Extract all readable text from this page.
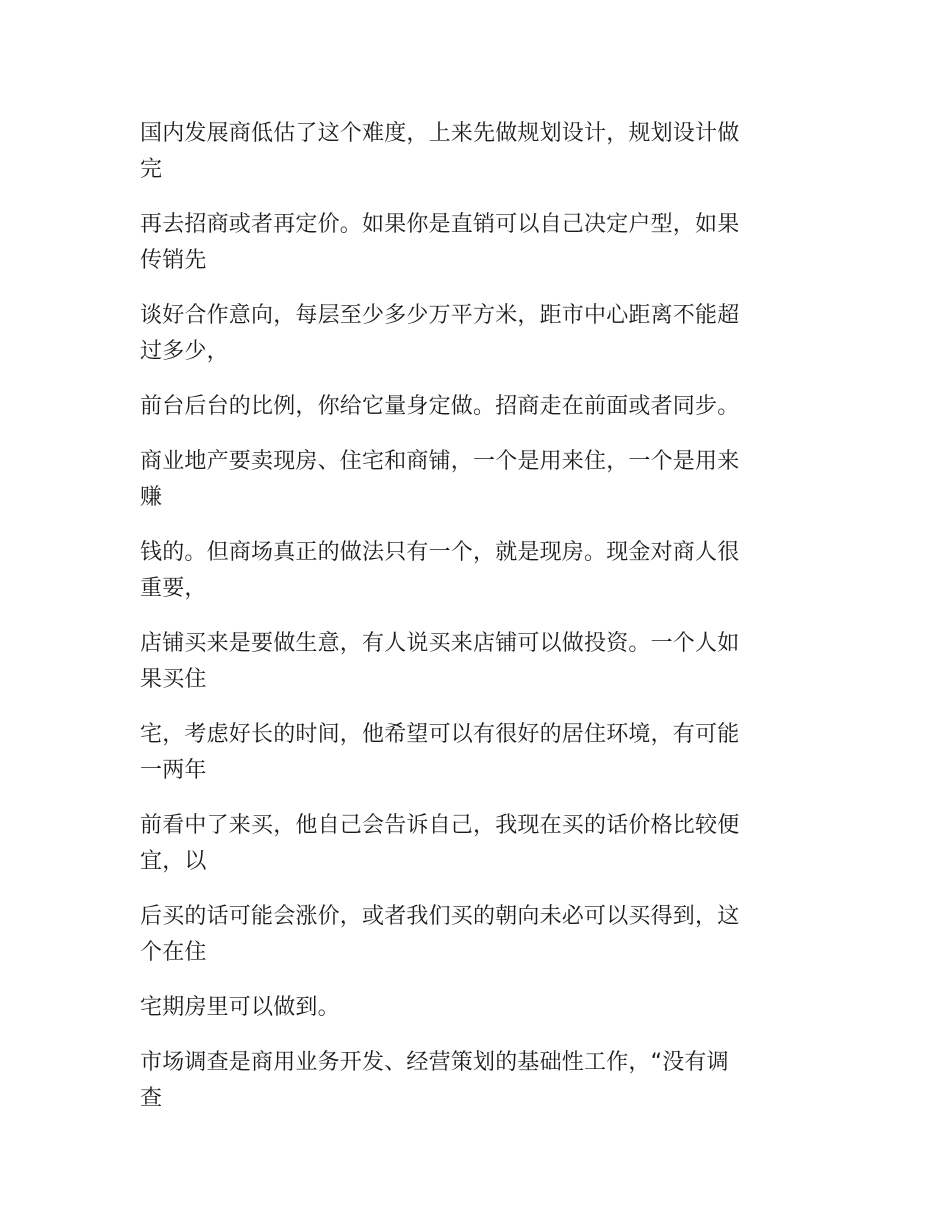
国内发展商低估了这个难度，上来先做规划设计，规划设计做
完

再去招商或者再定价。如果你是直销可以自己决定户型，如果
传销先

谈好合作意向，每层至少多少万平方米，距市中心距离不能超
过多少，

前台后台的比例，你给它量身定做。招商走在前面或者同步。

商业地产要卖现房、住宅和商铺，一个是用来住，一个是用来
赚

钱的。但商场真正的做法只有一个，就是现房。现金对商人很
重要，

店铺买来是要做生意，有人说买来店铺可以做投资。一个人如
果买住

宅，考虑好长的时间，他希望可以有很好的居住环境，有可能
一两年

前看中了来买，他自己会告诉自己，我现在买的话价格比较便
宜，以

后买的话可能会涨价，或者我们买的朝向未必可以买得到，这
个在住

宅期房里可以做到。

市场调查是商用业务开发、经营策划的基础性工作，“没有调
查
